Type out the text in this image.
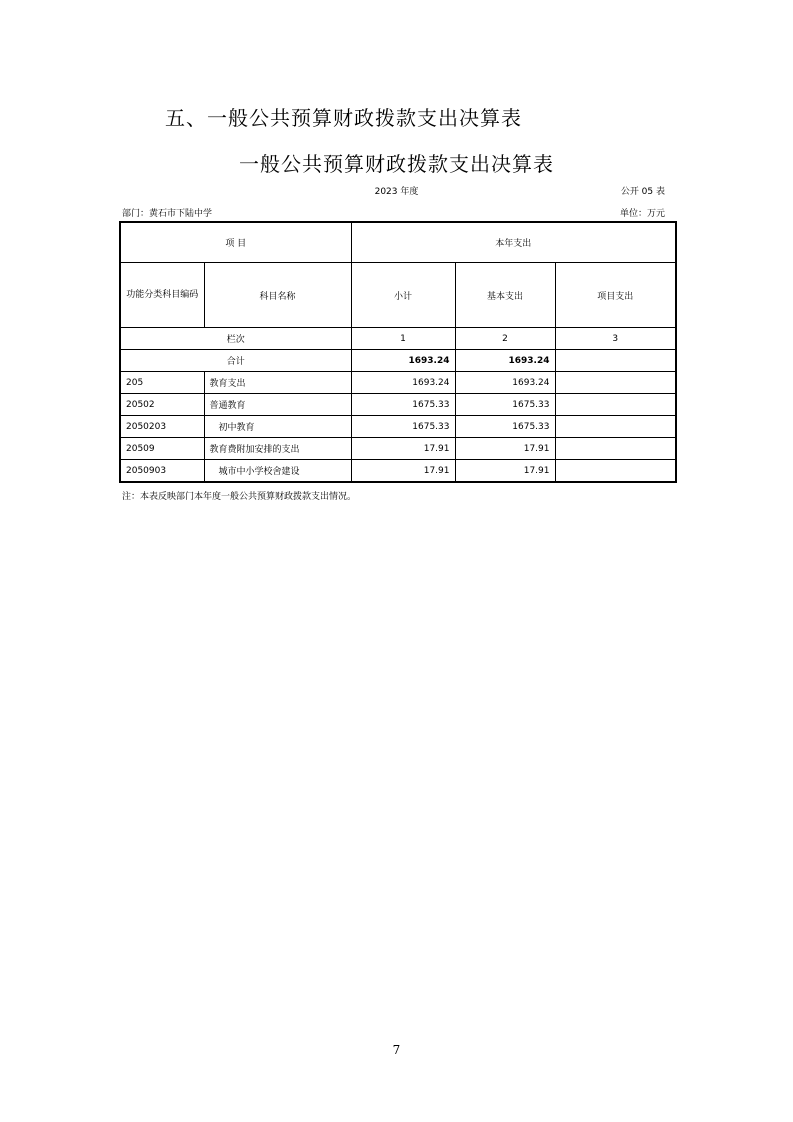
五、一般公共预算财政拨款支出决算表
一般公共预算财政拨款支出决算表
2023 年度	公开 05 表
部门：黄石市下陆中学	单位：万元
项 目		本年支出		
功能分类科目编码	科目名称	小计	基本支出	项目支出
栏次		1	2	3
合计		1693.24	1693.24	
205	教育支出	1693.24	1693.24	
20502	普通教育	1675.33	1675.33	
2050203	初中教育	1675.33	1675.33	
20509	教育费附加安排的支出	17.91	17.91	
2050903	城市中小学校舍建设	17.91	17.91	
注：本表反映部门本年度一般公共预算财政拨款支出情况。
7
